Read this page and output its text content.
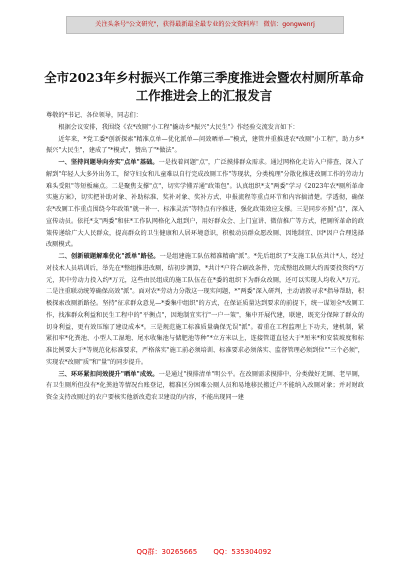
关注头条号"公文研究"，获得最新最全最专业的公文资料库！ 微信：gongwenrj
全市2023年乡村振兴工作第三季度推进会暨农村厕所革命工作推进会上的汇报发言

尊敬的*书记、各位领导，同志们：

根据会议安排，我围绕《农*改厕"小工程"撬动乡*振兴"大民生"》作经验交流发言如下：

近年来，*党工委*创新探索"精准点单—优化派单—问效晒单—"模式，建管并重推进农*改厕"小工程"，助力乡*振兴"大民生"，建成了"*模式"，赞出了"*做法"。

一、坚持问题导向夯实"点单"基础。一是找着问题"点"，广泛摸排群众需求。通过网格化走访入户排查，深入了解到"年轻人大多外出务工，留守妇女和儿童难以自行完成改厕工作"等现状，分类梳理"分散化推进改厕工作的劳动力难头受阻"等短板痛点。二是聚焦支撑"点"，切实学懂弄通"政策包"。认真组织*支"两委"学习《2023年农*厕所革命实施方案》，切实把补助对象、补助标准、奖补对象、奖补方式、申报流程等重点环节和内容搞清楚。学透彻，确保农*改厕工作重点围绕今年政策"就一补一、标准灵活"等特点有序推进，强化政策效应支撑。三是同步亦照"点"，深入宣传动员。依托*支"两委"和驻*工作队网格化入组到户，用好群众会、上门宣讲、微信推广等方式，把厕所革命的政策传递给广大人民群众，提高群众的卫生健康和人居环境意识，积极动员群众愿改厕、因地制宜、因*因户合理选择改厕模式。

二、创新破题解难优化"派单"路径。一是组建施工队伍精准精确"派"。*先后组织了*支施工队伍共计*人，经过对技术人员培训后，举先在*整组推进改厕，结初步测算，*共计*户符合刷改条件，完成整组改厕大约需要投资约*万元，其中劳动力投入约*万元，这些由民组成的施工队伍在在*委的组织下为群众改厕，还可以实现人均收入*万元。二是注重联动统筹确保高效"派"。面对农*劳动力分散这一现实问题，*"两委"深入研判，主动请教寻求*指导帮助，积极探索改厕新路径。坚持"征求群众意见—*委集中组织"的方式，在保证质量达到要求的前提下，统一谋划全*改厕工作，找准群众利益和民生工程中的"平衡点"，因地制宜实行"一户一策"，集中开展代建，联建，既充分保障了群众的切身利益，更有效压缩了建设成本*。三是规范施工标准质量确保无误"派"。着重在工程监理上下功夫，建机制，紧紧扣牢*化粪池、小型人工湿地、尾水收集池与储肥池等种"*立方米以上，连接管道直径大于*厘米*和安装坡度和标准比例要大于*等规范化标准要求，严格落实"施工前必须培训、标准要求必须落实、监督管理必须到位""三个必须"，实现农*改厕"质"和"量"的同步提升。

三、环环紧扣问效提升"晒单"成效。一是通过"摸排清单"明公平。在改厕需求摸排中，分类做好无厕、老旱厕，有卫生厕所但没有*化粪池等情况台账登记，精准区分困难公厕人员和易地移民搬迁户不能纳入改厕对象；并对财政资金支持改厕过的农户要核实他新改造农卫建设的内容，不能出现同一建

QQ群：30265665 QQ：535304092
